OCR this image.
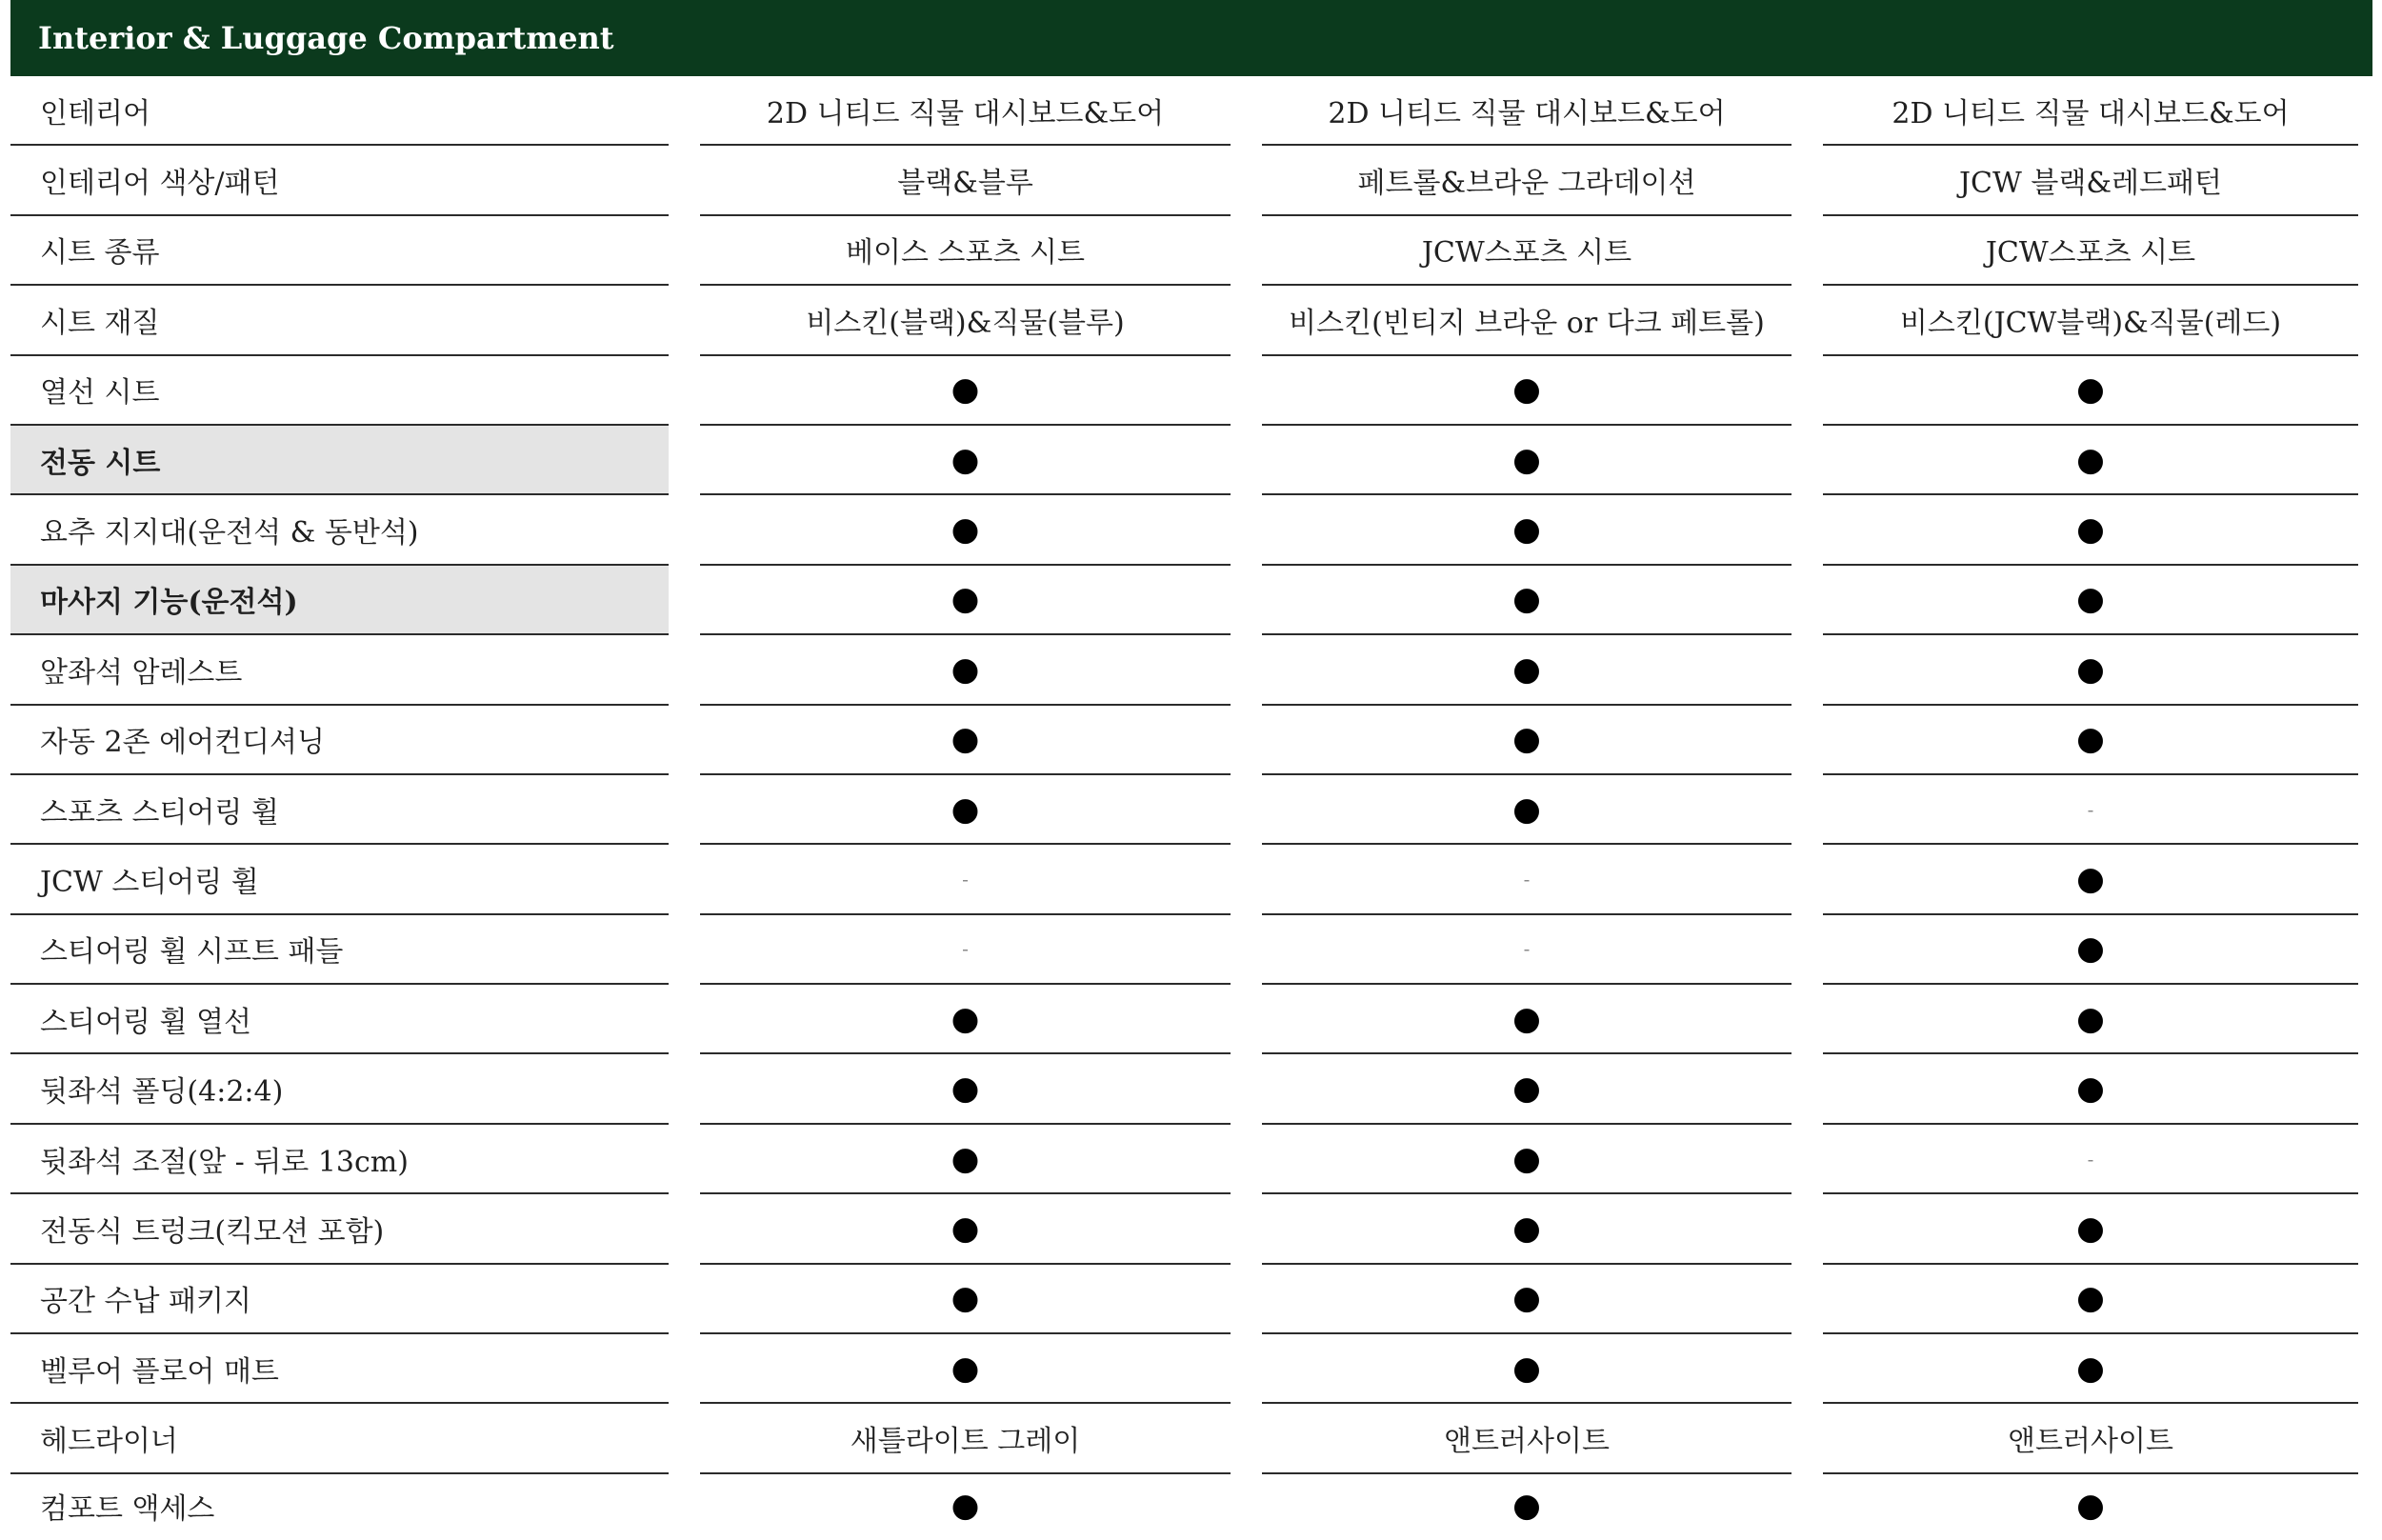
Interior & Luggage Compartment
인테리어	2D 니티드 직물 대시보드&도어	2D 니티드 직물 대시보드&도어	2D 니티드 직물 대시보드&도어
인테리어 색상/패턴	블랙&블루	페트롤&브라운 그라데이션	JCW 블랙&레드패턴
시트 종류	베이스 스포츠 시트	JCW스포츠 시트	JCW스포츠 시트
시트 재질	비스킨(블랙)&직물(블루)	비스킨(빈티지 브라운 or 다크 페트롤)	비스킨(JCW블랙)&직물(레드)
열선 시트	●	●	●
전동 시트	●	●	●
요추 지지대(운전석 & 동반석)	●	●	●
마사지 기능(운전석)	●	●	●
앞좌석 암레스트	●	●	●
자동 2존 에어컨디셔닝	●	●	●
스포츠 스티어링 휠	●	●	-
JCW 스티어링 휠	-	-	●
스티어링 휠 시프트 패들	-	-	●
스티어링 휠 열선	●	●	●
뒷좌석 폴딩(4:2:4)	●	●	●
뒷좌석 조절(앞 - 뒤로 13cm)	●	●	-
전동식 트렁크(킥모션 포함)	●	●	●
공간 수납 패키지	●	●	●
벨루어 플로어 매트	●	●	●
헤드라이너	새틀라이트 그레이	앤트러사이트	앤트러사이트
컴포트 액세스	●	●	●
